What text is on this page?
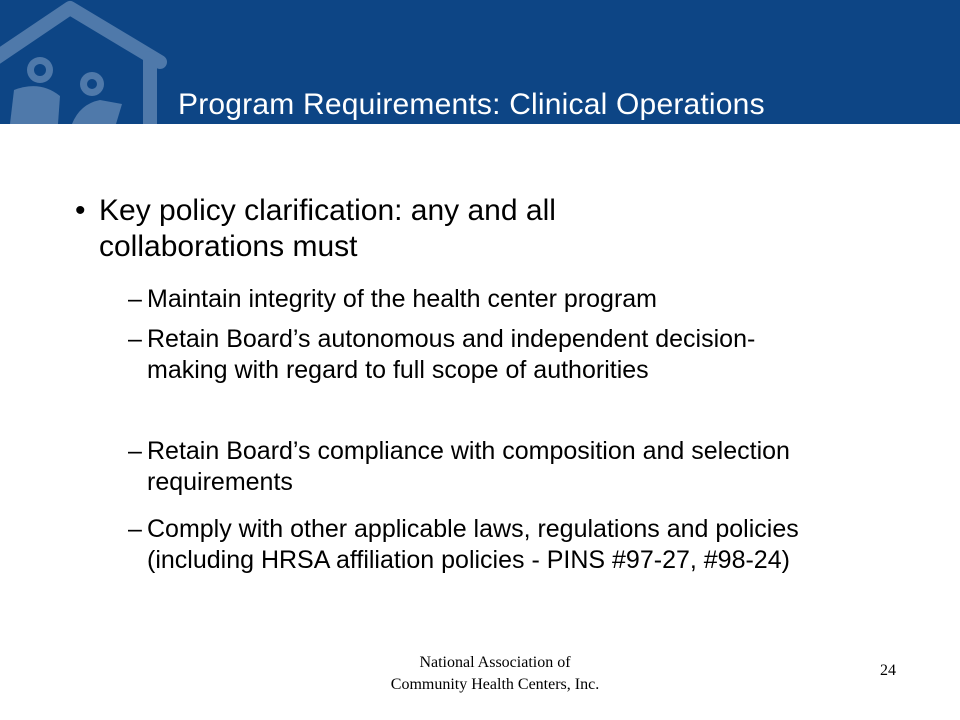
Program Requirements: Clinical Operations
• Key policy clarification: any and all collaborations must
– Maintain integrity of the health center program
– Retain Board’s autonomous and independent decision-making with regard to full scope of authorities
– Retain Board’s compliance with composition and selection requirements
– Comply with other applicable laws, regulations and policies (including HRSA affiliation policies - PINS #97-27, #98-24)
National Association of Community Health Centers, Inc.
24
